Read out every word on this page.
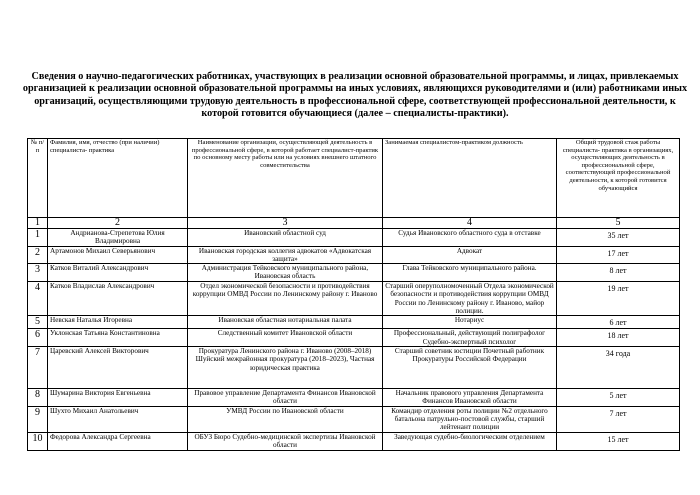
Сведения о научно-педагогических работниках, участвующих в реализации основной образовательной программы, и лицах, привлекаемых организацией к реализации основной образовательной программы на иных условиях, являющихся руководителями и (или) работниками иных организаций, осуществляющими трудовую деятельность в профессиональной сфере, соответствующей профессиональной деятельности, к которой готовится обучающиеся (далее – специалисты-практики).
№ п/п	Фамилия, имя, отчество (при наличии) специалиста- практика	Наименование организации, осуществляющей деятельность в профессиональной сфере, в которой работает специалист-практик по основному месту работы или на условиях внешнего штатного совместительства	Занимаемая специалистом-практиком должность	Общий трудовой стаж работы специалиста- практика в организациях, осуществляющих деятельность в профессиональной сфере, соответствующей профессиональной деятельности, к которой готовится обучающийся
1	2	3	4	5
1	Андрианова-Стрепетова Юлия Владимировна	Ивановский областной суд	Судья Ивановского областного суда в отставке	35 лет
2	Артамонов Михаил Северьянович	Ивановская городская коллегия адвокатов «Адвокатская защита»	Адвокат	17 лет
3	Катков Виталий Александрович	Администрация Тейковского муниципального района, Ивановская область	Глава Тейковского муниципального района.	8 лет
4	Катков Владислав Александрович	Отдел экономической безопасности и противодействия коррупции ОМВД России по Ленинскому району г. Иваново	Старший оперуполномоченный Отдела экономической безопасности и противодействия коррупции ОМВД России по Ленинскому району г. Иваново, майор полиции.	19 лет
5	Невская Наталья Игоревна	Ивановская областная нотариальная палата	Нотариус	6 лет
6	Уклонская Татьяна Константиновна	Следственный комитет Ивановской области	Профессиональный, действующий полиграфолог Судебно-экспертный психолог	18 лет
7	Царевский Алексей Викторович	Прокуратура Ленинского района г. Иваново (2008–2018) Шуйский межрайонная прокуратура (2018–2023), Частная юридическая практика	Старший советник юстиции Почетный работник Прокуратуры Российской Федерации	34 года
8	Шумарина Виктория Евгеньевна	Правовое управление Департамента Финансов Ивановской области	Начальник правового управления Департамента Финансов Ивановской области	5 лет
9	Шухто Михаил Анатольевич	УМВД России по Ивановской области	Командир отделения роты полиции №2 отдельного батальона патрульно-постовой службы, старший лейтенант полиции	7 лет
10	Федорова Александра Сергеевна	ОБУЗ Бюро Судебно-медицинской экспертизы Ивановской области	Заведующая судебно-биологическим отделением	15 лет
